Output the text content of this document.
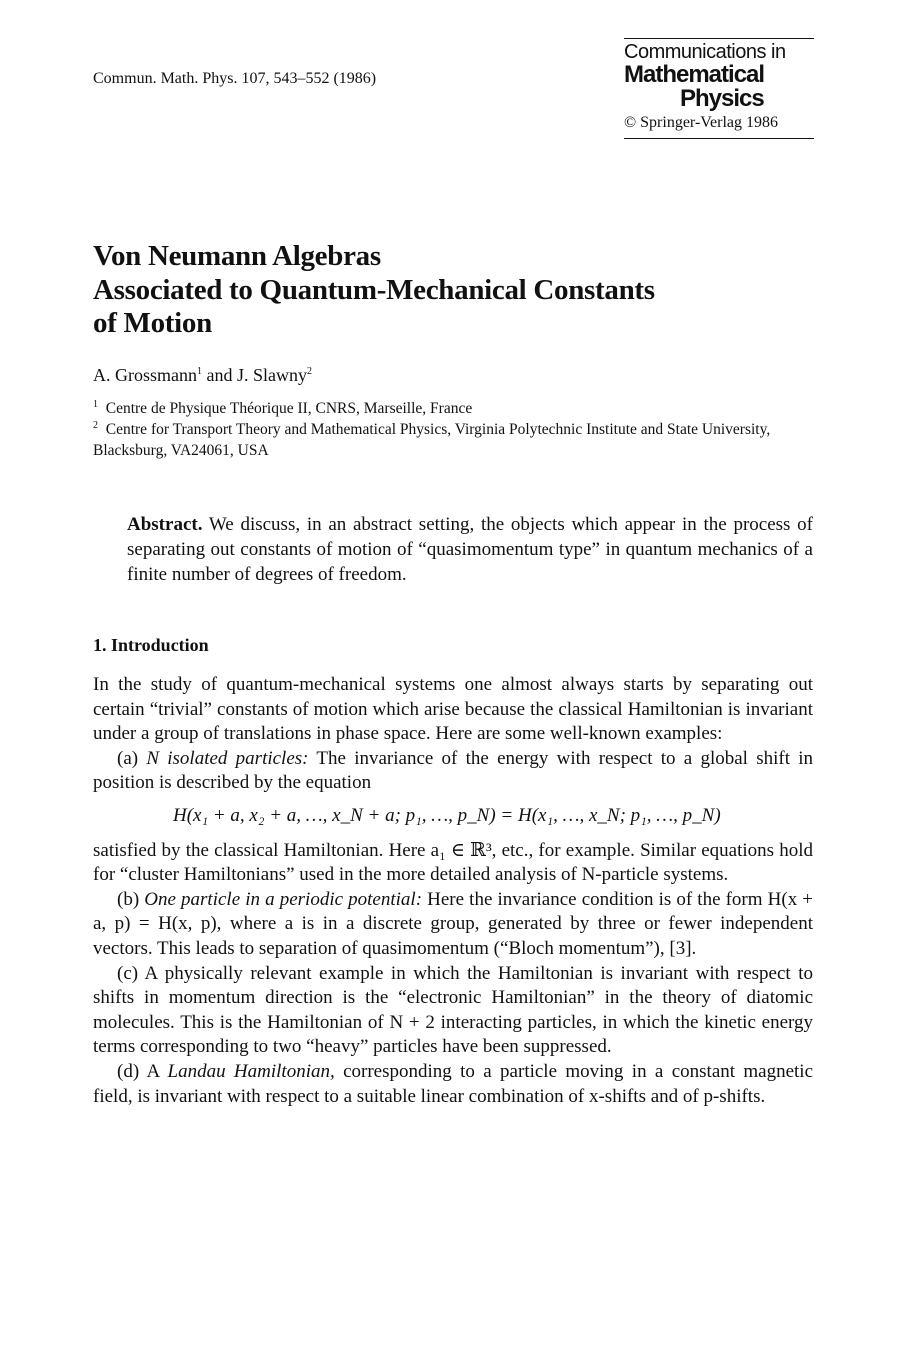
Commun. Math. Phys. 107, 543–552 (1986)
Communications in
Mathematical
Physics
© Springer-Verlag 1986
Von Neumann Algebras
Associated to Quantum-Mechanical Constants
of Motion
A. Grossmann$^1$ and J. Slawny$^2$
$^1$ Centre de Physique Théorique II, CNRS, Marseille, France
$^2$ Centre for Transport Theory and Mathematical Physics, Virginia Polytechnic Institute and State University, Blacksburg, VA24061, USA
Abstract. We discuss, in an abstract setting, the objects which appear in the process of separating out constants of motion of “quasimomentum type” in quantum mechanics of a finite number of degrees of freedom.
1. Introduction

In the study of quantum-mechanical systems one almost always starts by separating out certain “trivial” constants of motion which arise because the classical Hamiltonian is invariant under a group of translations in phase space. Here are some well-known examples:

(a) N isolated particles: The invariance of the energy with respect to a global shift in position is described by the equation

H(x₁ + a, x₂ + a, …, x_N + a; p₁, …, p_N) = H(x₁, …, x_N; p₁, …, p_N)

satisfied by the classical Hamiltonian. Here a₁ ∈ ℝ³, etc., for example. Similar equations hold for “cluster Hamiltonians” used in the more detailed analysis of N-particle systems.

(b) One particle in a periodic potential: Here the invariance condition is of the form H(x + a, p) = H(x, p), where a is in a discrete group, generated by three or fewer independent vectors. This leads to separation of quasimomentum (“Bloch momentum”), [3].

(c) A physically relevant example in which the Hamiltonian is invariant with respect to shifts in momentum direction is the “electronic Hamiltonian” in the theory of diatomic molecules. This is the Hamiltonian of N + 2 interacting particles, in which the kinetic energy terms corresponding to two “heavy” particles have been suppressed.

(d) A Landau Hamiltonian, corresponding to a particle moving in a constant magnetic field, is invariant with respect to a suitable linear combination of x-shifts and of p-shifts.
